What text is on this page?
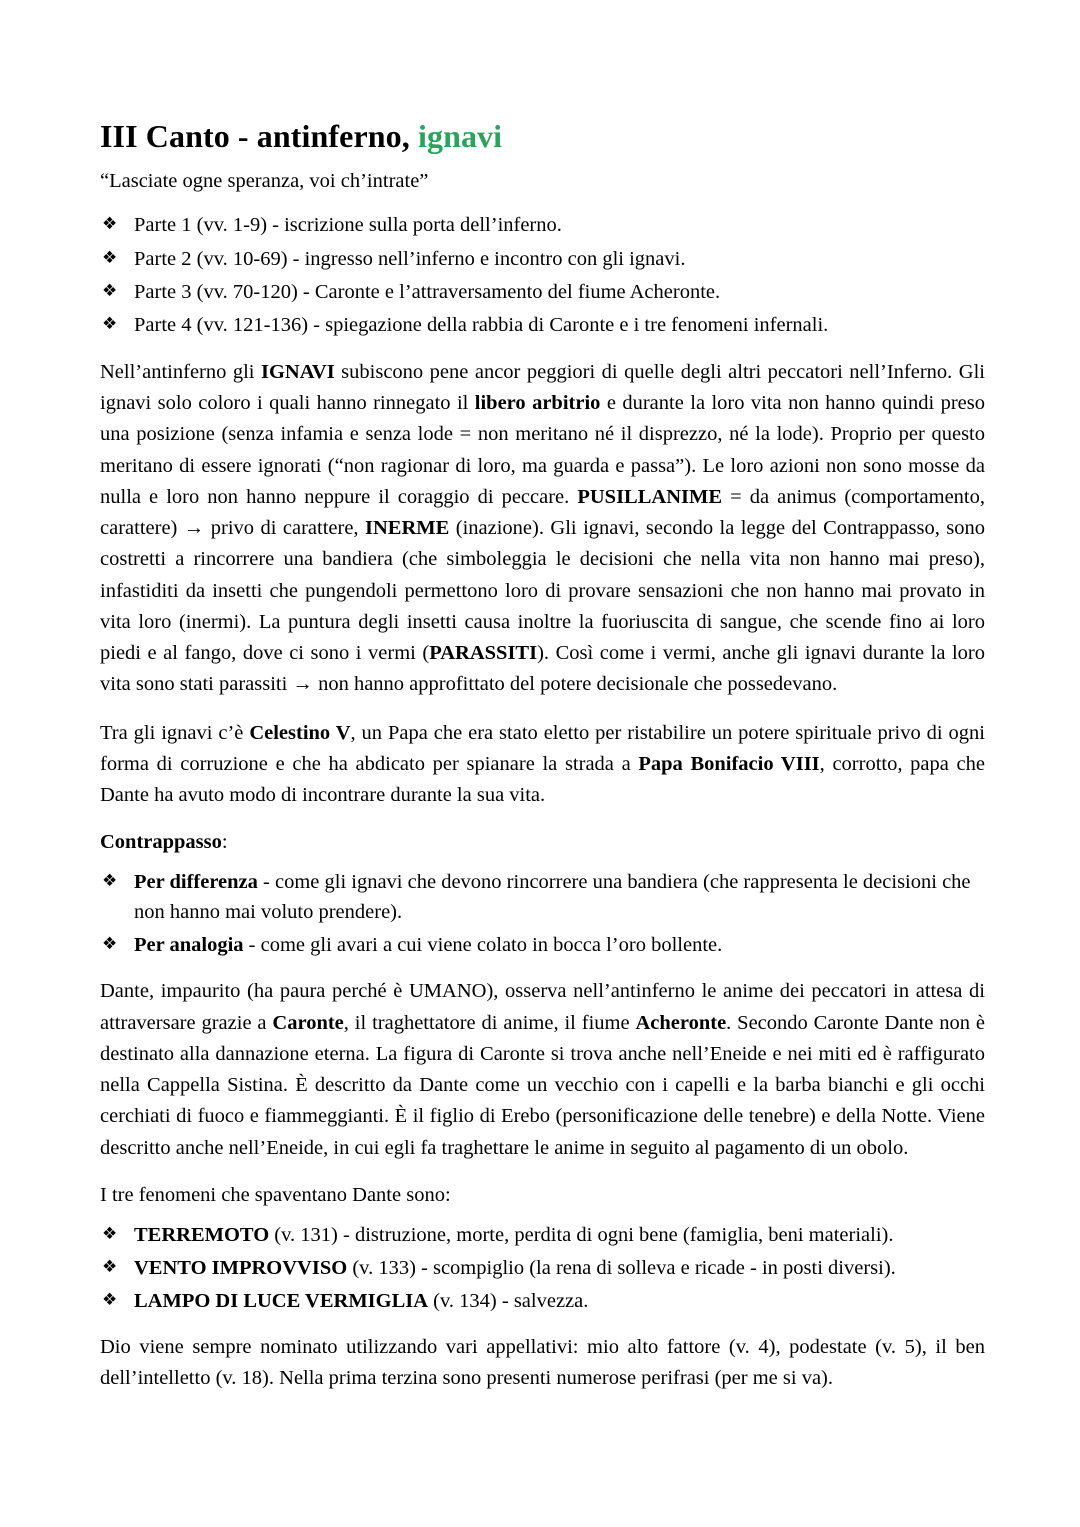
III Canto - antinferno, ignavi

“Lasciate ogne speranza, voi ch’intrate”

❖ Parte 1 (vv. 1-9) - iscrizione sulla porta dell’inferno.
❖ Parte 2 (vv. 10-69) - ingresso nell’inferno e incontro con gli ignavi.
❖ Parte 3 (vv. 70-120) - Caronte e l’attraversamento del fiume Acheronte.
❖ Parte 4 (vv. 121-136) - spiegazione della rabbia di Caronte e i tre fenomeni infernali.

Nell’antinferno gli IGNAVI subiscono pene ancor peggiori di quelle degli altri peccatori nell’Inferno. Gli ignavi solo coloro i quali hanno rinnegato il libero arbitrio e durante la loro vita non hanno quindi preso una posizione (senza infamia e senza lode = non meritano né il disprezzo, né la lode). Proprio per questo meritano di essere ignorati (“non ragionar di loro, ma guarda e passa”). Le loro azioni non sono mosse da nulla e loro non hanno neppure il coraggio di peccare. PUSILLANIME = da animus (comportamento, carattere) → privo di carattere, INERME (inazione). Gli ignavi, secondo la legge del Contrappasso, sono costretti a rincorrere una bandiera (che simboleggia le decisioni che nella vita non hanno mai preso), infastiditi da insetti che pungendoli permettono loro di provare sensazioni che non hanno mai provato in vita loro (inermi). La puntura degli insetti causa inoltre la fuoriuscita di sangue, che scende fino ai loro piedi e al fango, dove ci sono i vermi (PARASSITI). Così come i vermi, anche gli ignavi durante la loro vita sono stati parassiti → non hanno approfittato del potere decisionale che possedevano.

Tra gli ignavi c’è Celestino V, un Papa che era stato eletto per ristabilire un potere spirituale privo di ogni forma di corruzione e che ha abdicato per spianare la strada a Papa Bonifacio VIII, corrotto, papa che Dante ha avuto modo di incontrare durante la sua vita.

Contrappasso:

❖ Per differenza - come gli ignavi che devono rincorrere una bandiera (che rappresenta le decisioni che non hanno mai voluto prendere).
❖ Per analogia - come gli avari a cui viene colato in bocca l’oro bollente.

Dante, impaurito (ha paura perché è UMANO), osserva nell’antinferno le anime dei peccatori in attesa di attraversare grazie a Caronte, il traghettatore di anime, il fiume Acheronte. Secondo Caronte Dante non è destinato alla dannazione eterna. La figura di Caronte si trova anche nell’Eneide e nei miti ed è raffigurato nella Cappella Sistina. È descritto da Dante come un vecchio con i capelli e la barba bianchi e gli occhi cerchiati di fuoco e fiammeggianti. È il figlio di Erebo (personificazione delle tenebre) e della Notte. Viene descritto anche nell’Eneide, in cui egli fa traghettare le anime in seguito al pagamento di un obolo.

I tre fenomeni che spaventano Dante sono:

❖ TERREMOTO (v. 131) - distruzione, morte, perdita di ogni bene (famiglia, beni materiali).
❖ VENTO IMPROVVISO (v. 133) - scompiglio (la rena di solleva e ricade - in posti diversi).
❖ LAMPO DI LUCE VERMIGLIA (v. 134) - salvezza.

Dio viene sempre nominato utilizzando vari appellativi: mio alto fattore (v. 4), podestate (v. 5), il ben dell’intelletto (v. 18). Nella prima terzina sono presenti numerose perifrasi (per me si va).
